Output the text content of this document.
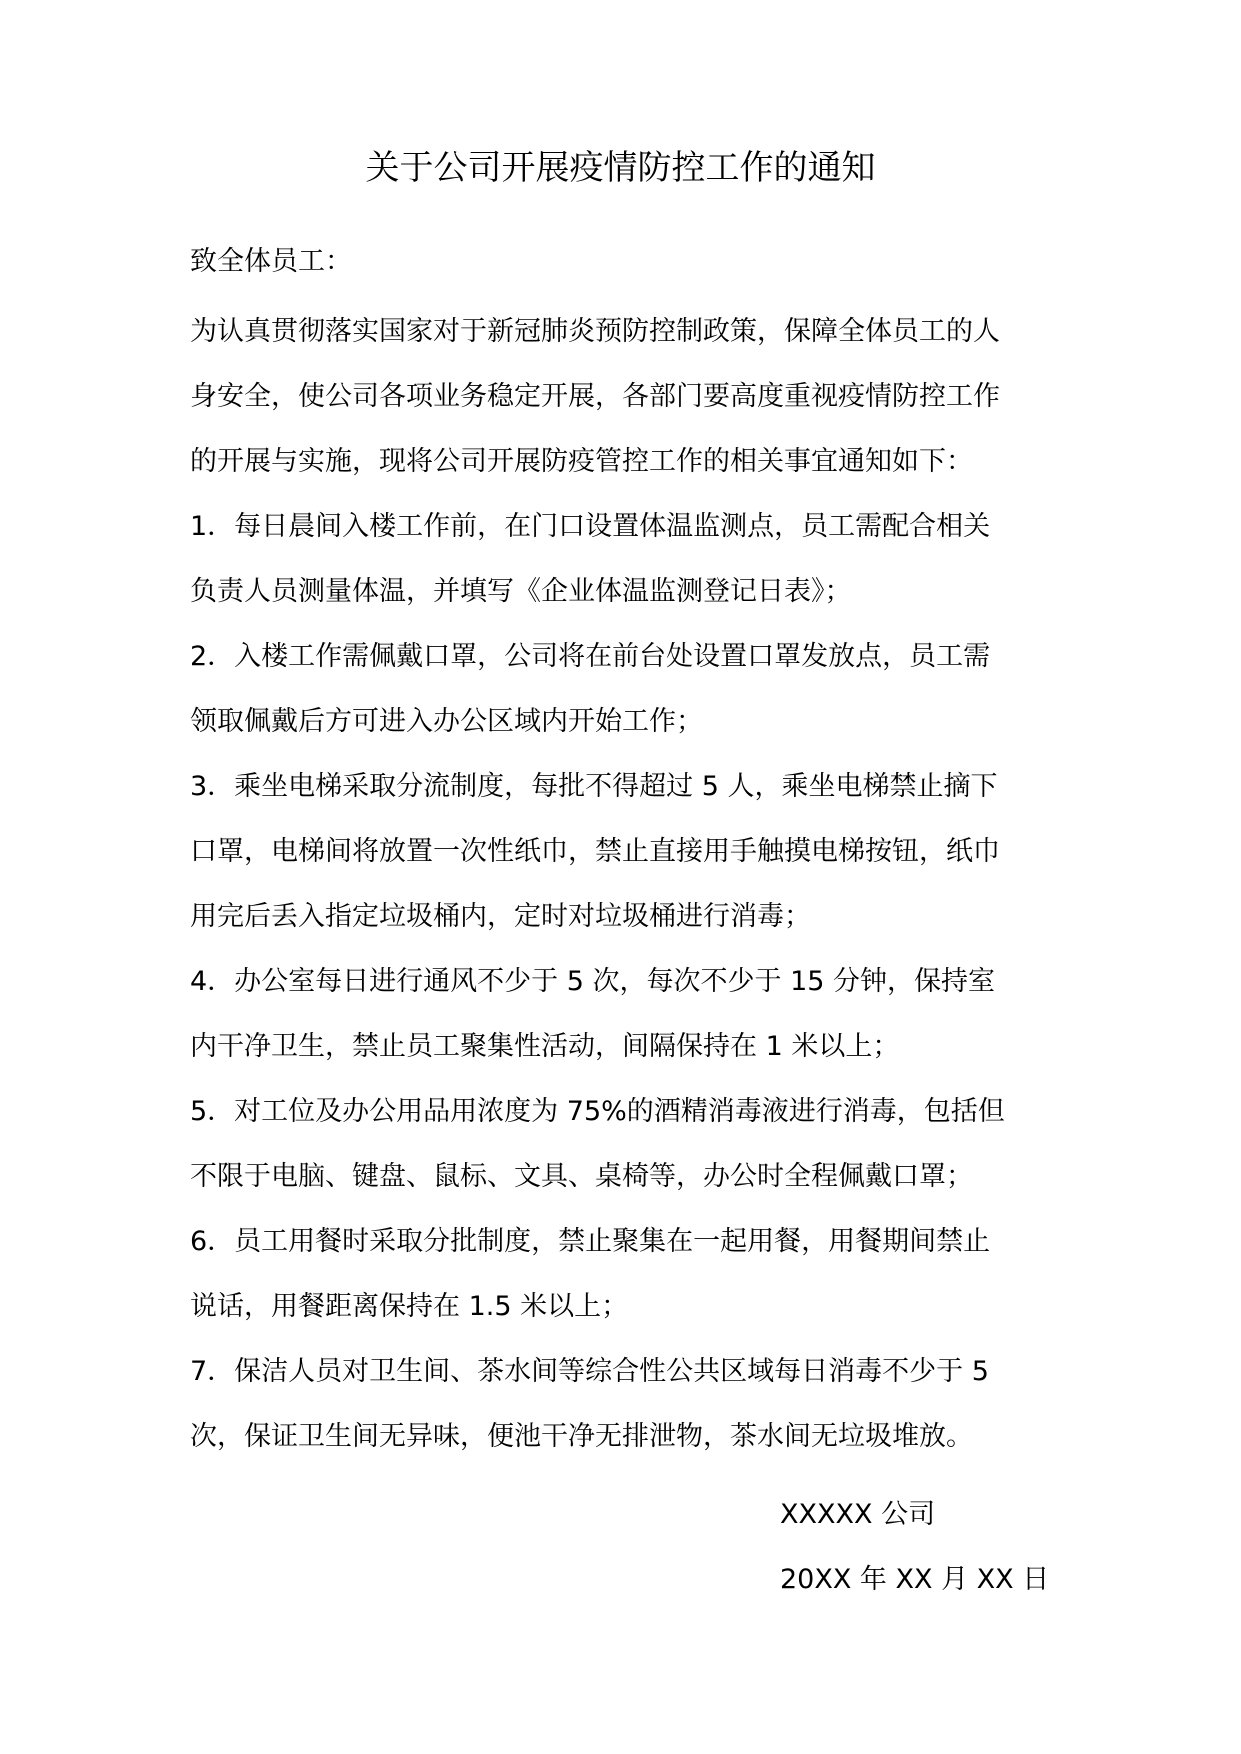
关于公司开展疫情防控工作的通知
致全体员工：
为认真贯彻落实国家对于新冠肺炎预防控制政策，保障全体员工的人
身安全，使公司各项业务稳定开展，各部门要高度重视疫情防控工作
的开展与实施，现将公司开展防疫管控工作的相关事宜通知如下：
1．每日晨间入楼工作前，在门口设置体温监测点，员工需配合相关
负责人员测量体温，并填写《企业体温监测登记日表》；
2．入楼工作需佩戴口罩，公司将在前台处设置口罩发放点，员工需
领取佩戴后方可进入办公区域内开始工作；
3．乘坐电梯采取分流制度，每批不得超过 5 人，乘坐电梯禁止摘下
口罩，电梯间将放置一次性纸巾，禁止直接用手触摸电梯按钮，纸巾
用完后丢入指定垃圾桶内，定时对垃圾桶进行消毒；
4．办公室每日进行通风不少于 5 次，每次不少于 15 分钟，保持室
内干净卫生，禁止员工聚集性活动，间隔保持在 1 米以上；
5．对工位及办公用品用浓度为 75%的酒精消毒液进行消毒，包括但
不限于电脑、键盘、鼠标、文具、桌椅等，办公时全程佩戴口罩；
6．员工用餐时采取分批制度，禁止聚集在一起用餐，用餐期间禁止
说话，用餐距离保持在 1.5 米以上；
7．保洁人员对卫生间、茶水间等综合性公共区域每日消毒不少于 5
次，保证卫生间无异味，便池干净无排泄物，茶水间无垃圾堆放。
XXXXX 公司
20XX 年 XX 月 XX 日
